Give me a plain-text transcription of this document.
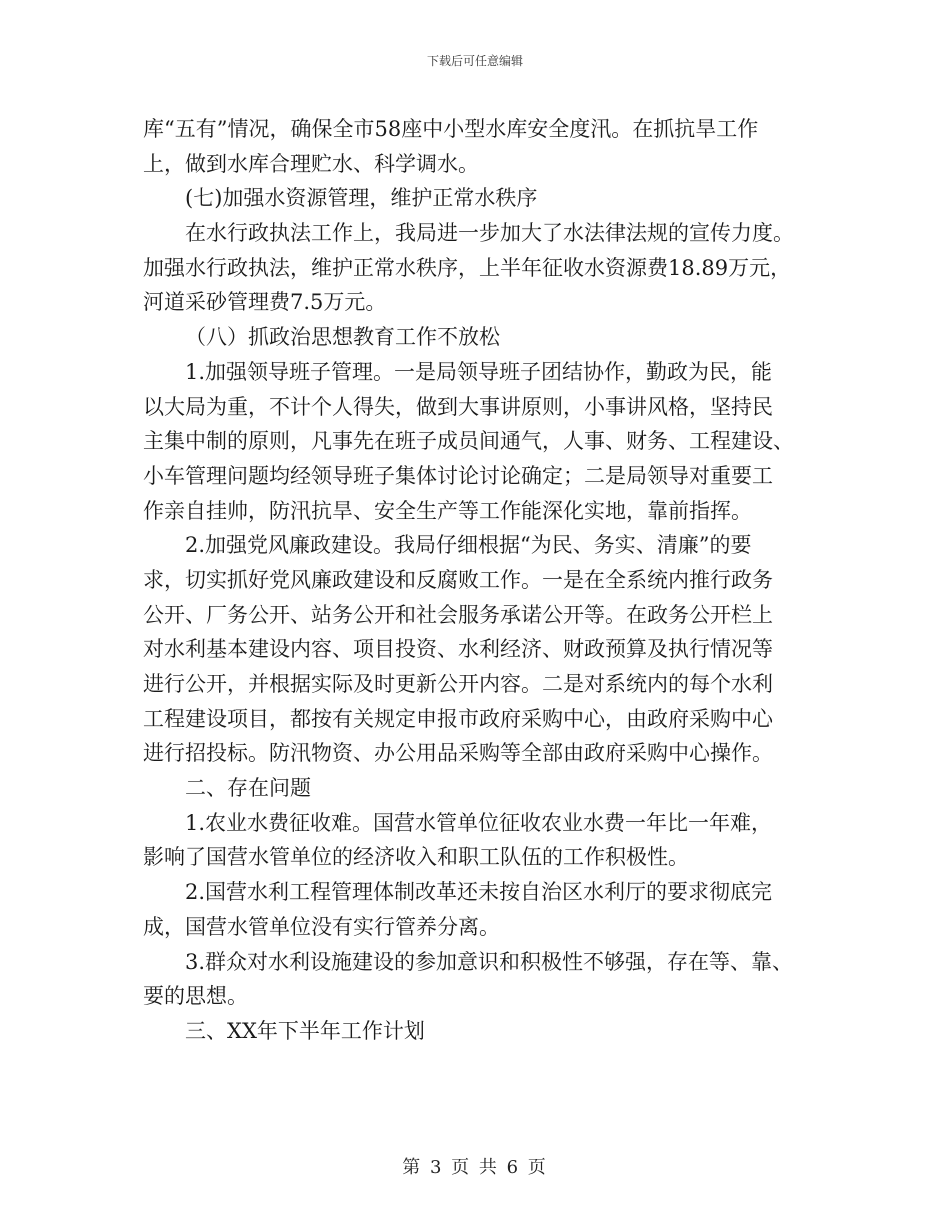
下载后可任意编辑
库“五有”情况，确保全市58座中小型水库安全度汛。在抓抗旱工作
上，做到水库合理贮水、科学调水。
(七)加强水资源管理，维护正常水秩序
在水行政执法工作上，我局进一步加大了水法律法规的宣传力度。
加强水行政执法，维护正常水秩序，上半年征收水资源费18.89万元，
河道采砂管理费7.5万元。
（八）抓政治思想教育工作不放松
1.加强领导班子管理。一是局领导班子团结协作，勤政为民，能
以大局为重，不计个人得失，做到大事讲原则，小事讲风格，坚持民
主集中制的原则，凡事先在班子成员间通气，人事、财务、工程建设、
小车管理问题均经领导班子集体讨论讨论确定；二是局领导对重要工
作亲自挂帅，防汛抗旱、安全生产等工作能深化实地，靠前指挥。
2.加强党风廉政建设。我局仔细根据“为民、务实、清廉”的要
求，切实抓好党风廉政建设和反腐败工作。一是在全系统内推行政务
公开、厂务公开、站务公开和社会服务承诺公开等。在政务公开栏上
对水利基本建设内容、项目投资、水利经济、财政预算及执行情况等
进行公开，并根据实际及时更新公开内容。二是对系统内的每个水利
工程建设项目，都按有关规定申报市政府采购中心，由政府采购中心
进行招投标。防汛物资、办公用品采购等全部由政府采购中心操作。
二、存在问题
1.农业水费征收难。国营水管单位征收农业水费一年比一年难，
影响了国营水管单位的经济收入和职工队伍的工作积极性。
2.国营水利工程管理体制改革还未按自治区水利厅的要求彻底完
成，国营水管单位没有实行管养分离。
3.群众对水利设施建设的参加意识和积极性不够强，存在等、靠、
要的思想。
三、XX年下半年工作计划
第 3 页 共 6 页
